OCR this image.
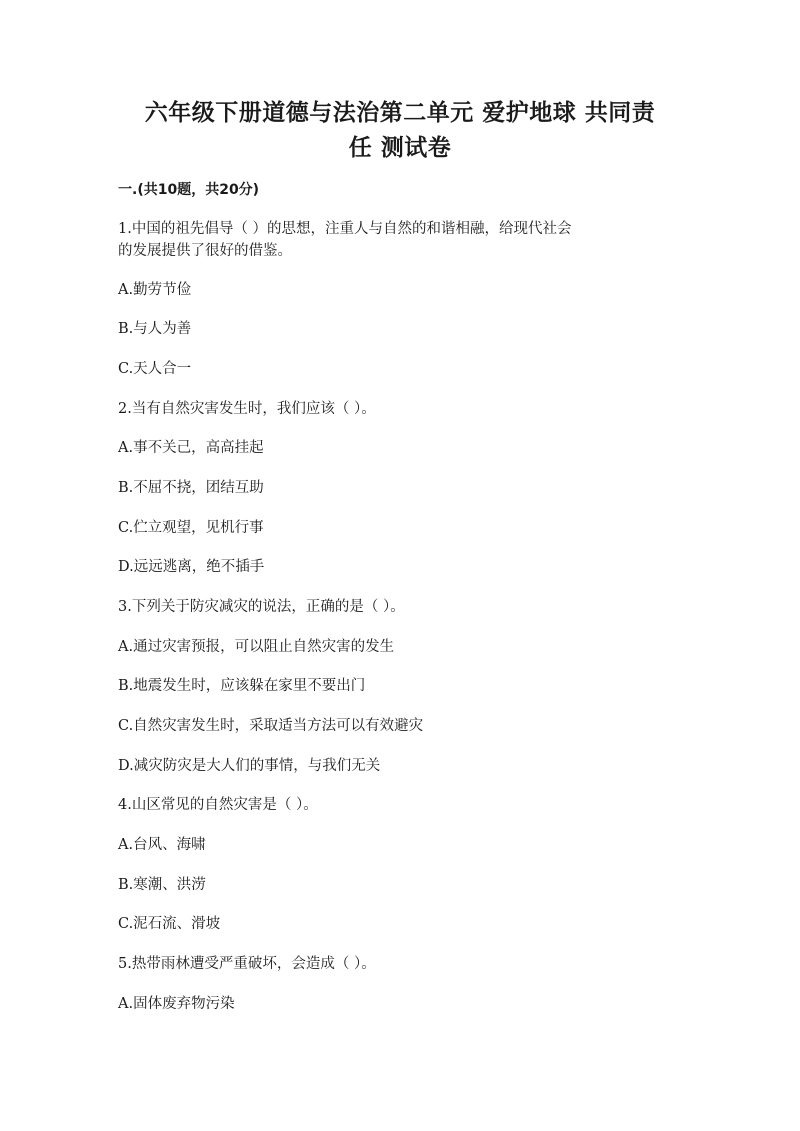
六年级下册道德与法治第二单元 爱护地球 共同责
任 测试卷
一.(共10题，共20分)
1.中国的祖先倡导（ ）的思想，注重人与自然的和谐相融，给现代社会
的发展提供了很好的借鉴。
A.勤劳节俭
B.与人为善
C.天人合一
2.当有自然灾害发生时，我们应该（ ）。
A.事不关己，高高挂起
B.不屈不挠，团结互助
C.伫立观望，见机行事
D.远远逃离，绝不插手
3.下列关于防灾减灾的说法，正确的是（ ）。
A.通过灾害预报，可以阻止自然灾害的发生
B.地震发生时，应该躲在家里不要出门
C.自然灾害发生时，采取适当方法可以有效避灾
D.减灾防灾是大人们的事情，与我们无关
4.山区常见的自然灾害是（ ）。
A.台风、海啸
B.寒潮、洪涝
C.泥石流、滑坡
5.热带雨林遭受严重破坏，会造成（ ）。
A.固体废弃物污染
